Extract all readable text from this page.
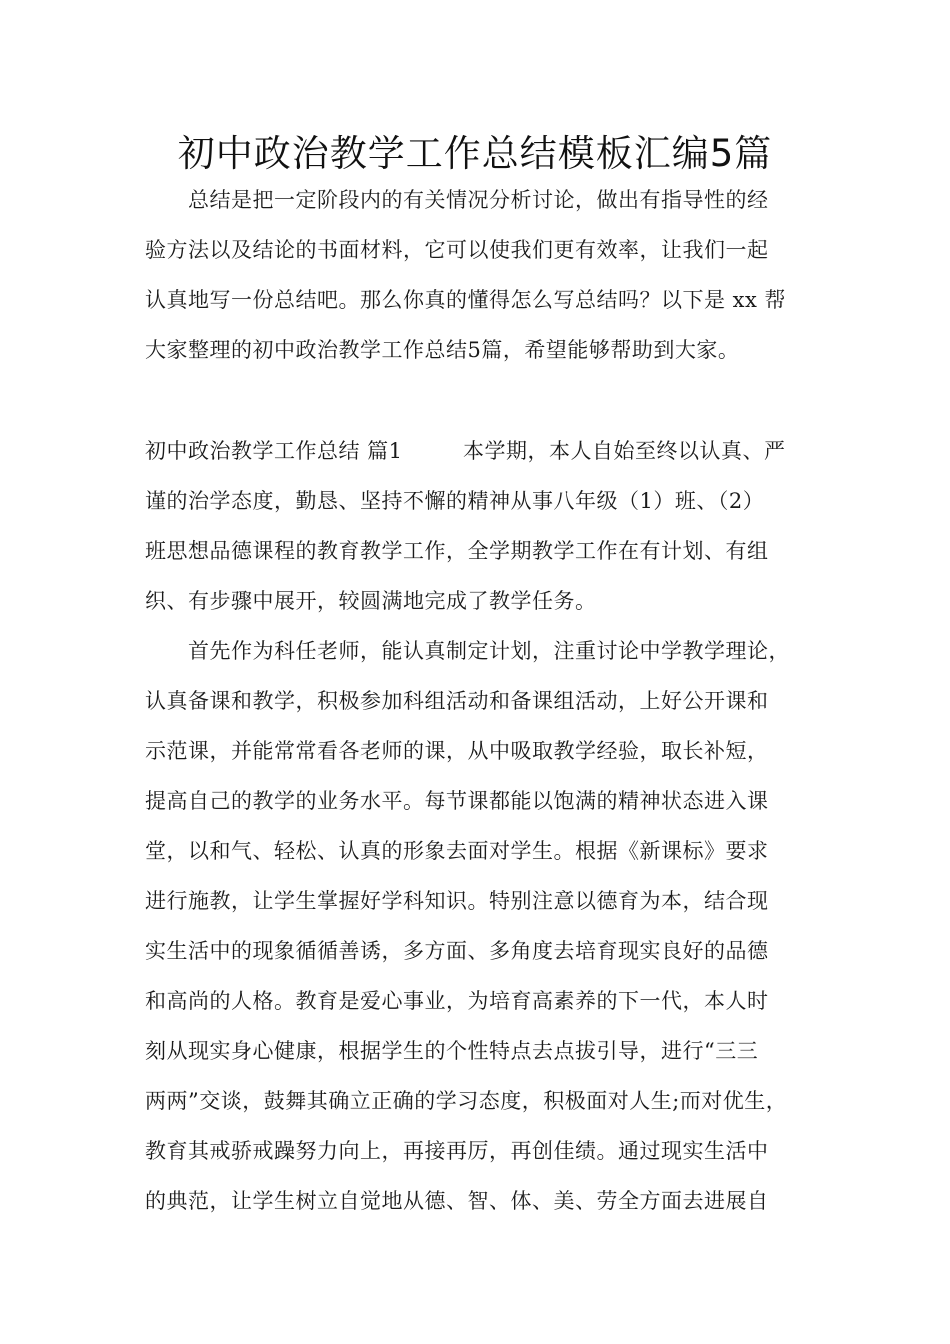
初中政治教学工作总结模板汇编5篇
总结是把一定阶段内的有关情况分析讨论，做出有指导性的经
验方法以及结论的书面材料，它可以使我们更有效率，让我们一起
认真地写一份总结吧。那么你真的懂得怎么写总结吗？以下是 xx 帮
大家整理的初中政治教学工作总结5篇，希望能够帮助到大家。
初中政治教学工作总结 篇1	本学期，本人自始至终以认真、严
谨的治学态度，勤恳、坚持不懈的精神从事八年级（1）班、（2）
班思想品德课程的教育教学工作，全学期教学工作在有计划、有组
织、有步骤中展开，较圆满地完成了教学任务。
首先作为科任老师，能认真制定计划，注重讨论中学教学理论，
认真备课和教学，积极参加科组活动和备课组活动，上好公开课和
示范课，并能常常看各老师的课，从中吸取教学经验，取长补短，
提高自己的教学的业务水平。每节课都能以饱满的精神状态进入课
堂，以和气、轻松、认真的形象去面对学生。根据《新课标》要求
进行施教，让学生掌握好学科知识。特别注意以德育为本，结合现
实生活中的现象循循善诱，多方面、多角度去培育现实良好的品德
和高尚的人格。教育是爱心事业，为培育高素养的下一代，本人时
刻从现实身心健康，根据学生的个性特点去点拔引导，进行“三三
两两”交谈，鼓舞其确立正确的学习态度，积极面对人生;而对优生，
教育其戒骄戒躁努力向上，再接再厉，再创佳绩。通过现实生活中
的典范，让学生树立自觉地从德、智、体、美、劳全方面去进展自
